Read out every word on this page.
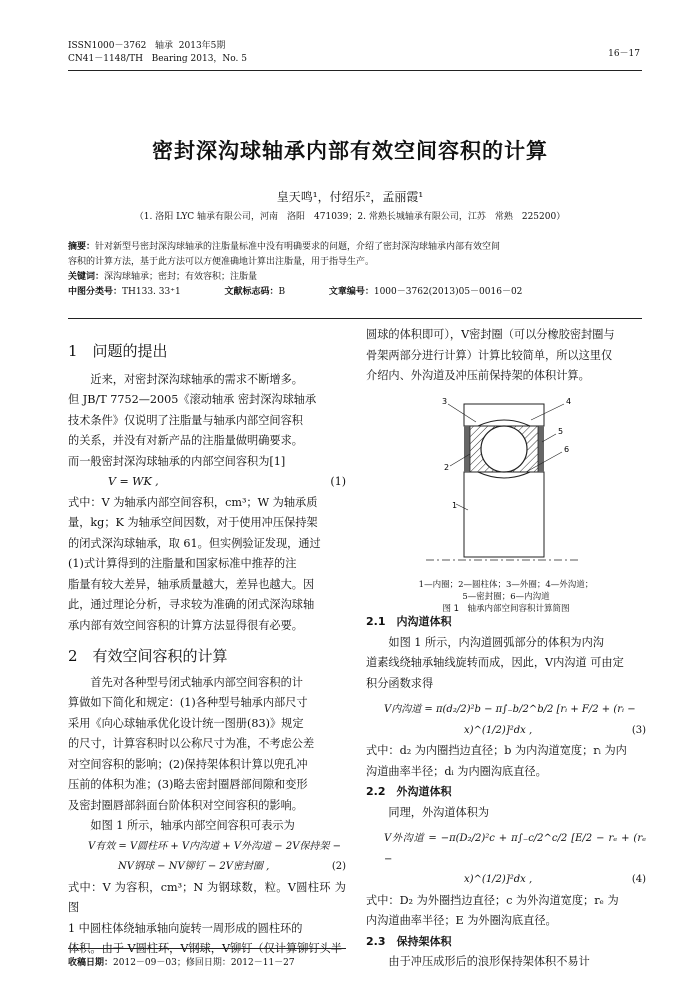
ISSN1000－3762 轴承 2013年5期
CN41－1148/TH Bearing 2013，No. 5	16－17
密封深沟球轴承内部有效空间容积的计算
皇天鸣¹，付绍乐²，孟丽霞¹
（1. 洛阳 LYC 轴承有限公司，河南　洛阳　471039；2. 常熟长城轴承有限公司，江苏　常熟　225200）
摘要：针对新型号密封深沟球轴承的注脂量标准中没有明确要求的问题，介绍了密封深沟球轴承内部有效空间
容积的计算方法，基于此方法可以方便准确地计算出注脂量，用于指导生产。
关键词：深沟球轴承；密封；有效容积；注脂量
中图分类号：TH133. 33⁺1	文献标志码：B	文章编号：1000－3762(2013)05－0016－02
1　问题的提出
　　近来，对密封深沟球轴承的需求不断增多。
但 JB/T 7752—2005《滚动轴承 密封深沟球轴承
技术条件》仅说明了注脂量与轴承内部空间容积
的关系，并没有对新产品的注脂量做明确要求。
而一般密封深沟球轴承的内部空间容积为[1]
V = WK ,	(1)
式中：V 为轴承内部空间容积，cm³；W 为轴承质
量，kg；K 为轴承空间因数，对于使用冲压保持架
的闭式深沟球轴承，取 61。但实例验证发现，通过
(1)式计算得到的注脂量和国家标准中推荐的注
脂量有较大差异，轴承质量越大，差异也越大。因
此，通过理论分析，寻求较为准确的闭式深沟球轴
承内部有效空间容积的计算方法显得很有必要。
2　有效空间容积的计算
　　首先对各种型号闭式轴承内部空间容积的计
算做如下简化和规定：(1)各种型号轴承内部尺寸
采用《向心球轴承优化设计统一图册(83)》规定
的尺寸，计算容积时以公称尺寸为准，不考虑公差
对空间容积的影响；(2)保持架体积计算以兜孔冲
压前的体积为准；(3)略去密封圈唇部间隙和变形
及密封圈唇部斜面台阶体积对空间容积的影响。
　　如图 1 所示，轴承内部空间容积可表示为
V有效 = V圆柱环 + V内沟道 + V外沟道 − 2V保持架 −
NV钢球 − NV铆钉 − 2V密封圈 ,	(2)
式中：V 为容积，cm³；N 为钢球数，粒。V圆柱环 为图
1 中圆柱体绕轴承轴向旋转一周形成的圆柱环的
体积。由于 V圆柱环，V钢球，V铆钉（仅计算铆钉头半
圆球的体积即可），V密封圈（可以分橡胶密封圈与
骨架两部分进行计算）计算比较简单，所以这里仅
介绍内、外沟道及冲压前保持架的体积计算。
1
2
3	4
5
6
1—内圈；2—圆柱体；3—外圈；4—外沟道；
5—密封圈；6—内沟道
图 1　轴承内部空间容积计算简图
2.1　内沟道体积
　　如图 1 所示，内沟道圆弧部分的体积为内沟
道素线绕轴承轴线旋转而成，因此，V内沟道 可由定
积分函数求得
V内沟道 = π(d₂/2)²b − π∫₋b/2^b/2 [rᵢ + F/2 + (rᵢ −
x)^(1/2)]²dx ,	(3)
式中：d₂ 为内圈挡边直径；b 为内沟道宽度；rᵢ 为内
沟道曲率半径；dᵢ 为内圈沟底直径。
2.2　外沟道体积
　　同理，外沟道体积为
V外沟道 = −π(D₂/2)²c + π∫₋c/2^c/2 [E/2 − rₑ + (rₑ −
x)^(1/2)]²dx ,	(4)
式中：D₂ 为外圈挡边直径；c 为外沟道宽度；rₑ 为
内沟道曲率半径；E 为外圈沟底直径。
2.3　保持架体积
　　由于冲压成形后的浪形保持架体积不易计
收稿日期：2012－09－03；修回日期：2012－11－27
